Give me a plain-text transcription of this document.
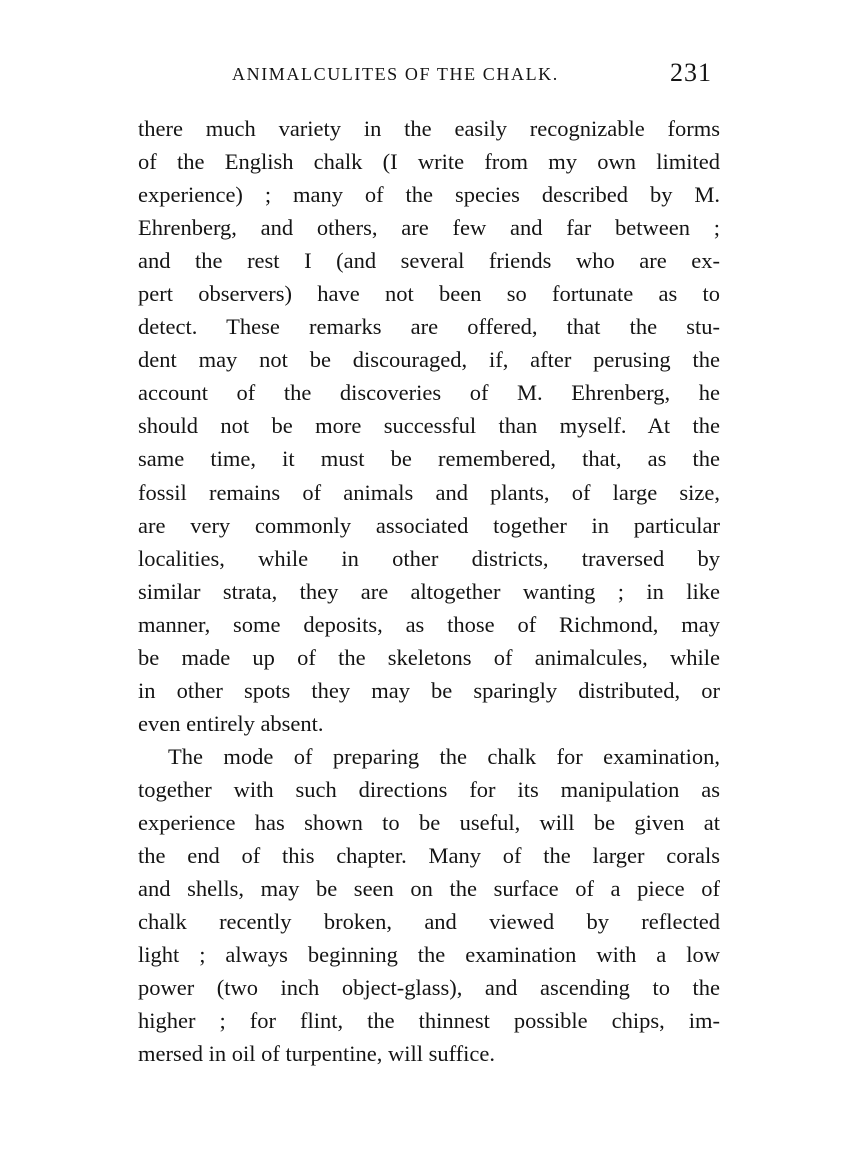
ANIMALCULITES OF THE CHALK.	231
there much variety in the easily recognizable forms
of the English chalk (I write from my own limited
experience) ; many of the species described by M.
Ehrenberg, and others, are few and far between ;
and the rest I (and several friends who are ex-
pert observers) have not been so fortunate as to
detect. These remarks are offered, that the stu-
dent may not be discouraged, if, after perusing the
account of the discoveries of M. Ehrenberg, he
should not be more successful than myself. At the
same time, it must be remembered, that, as the
fossil remains of animals and plants, of large size,
are very commonly associated together in particular
localities, while in other districts, traversed by
similar strata, they are altogether wanting ; in like
manner, some deposits, as those of Richmond, may
be made up of the skeletons of animalcules, while
in other spots they may be sparingly distributed, or
even entirely absent.
The mode of preparing the chalk for examination,
together with such directions for its manipulation as
experience has shown to be useful, will be given at
the end of this chapter. Many of the larger corals
and shells, may be seen on the surface of a piece of
chalk recently broken, and viewed by reflected
light ; always beginning the examination with a low
power (two inch object-glass), and ascending to the
higher ; for flint, the thinnest possible chips, im-
mersed in oil of turpentine, will suffice.
